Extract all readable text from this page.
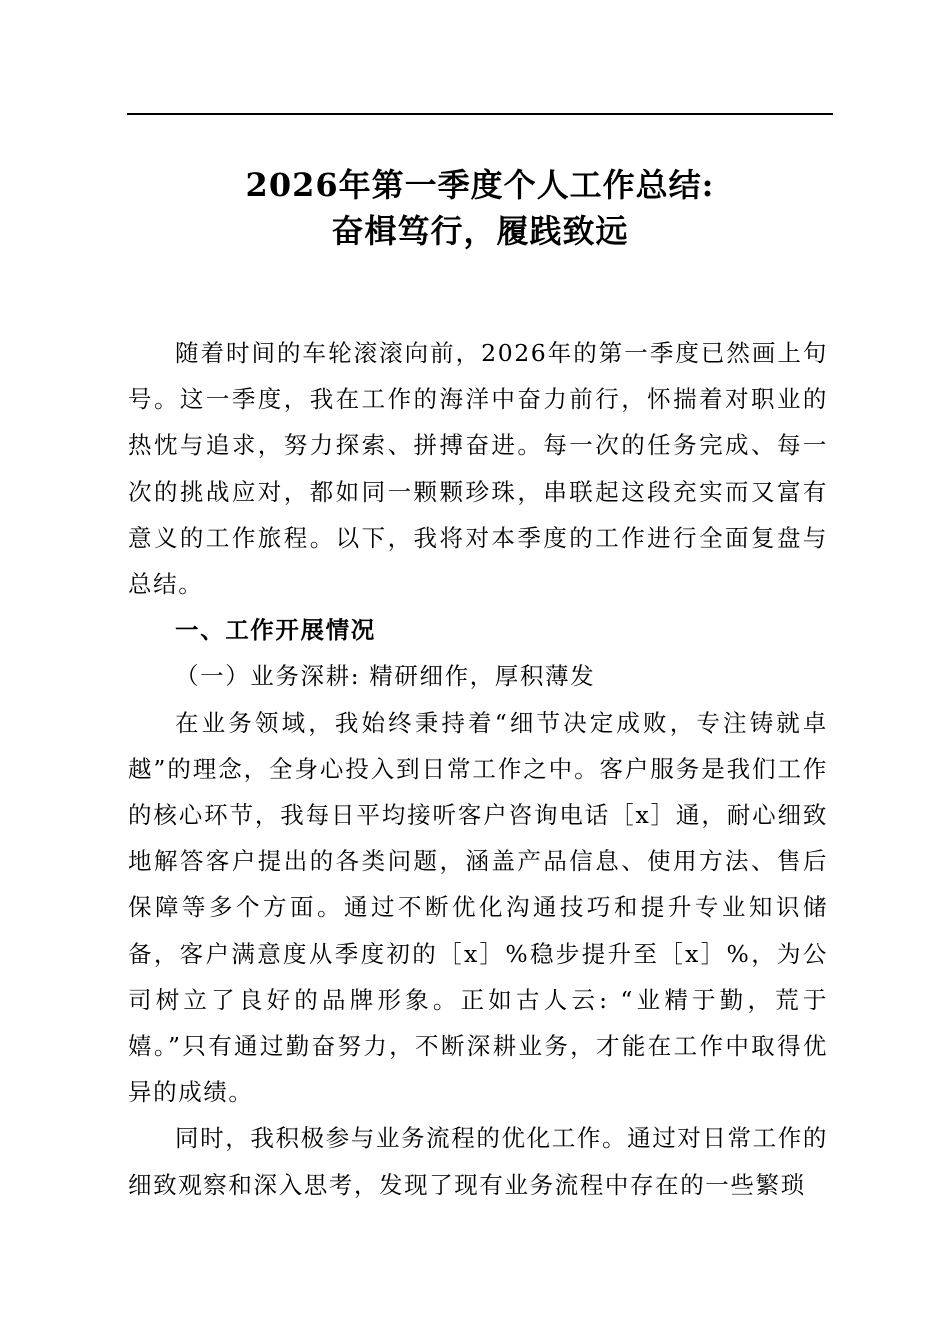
2026年第一季度个人工作总结:
奋楫笃行，履践致远

随着时间的车轮滚滚向前，2026年的第一季度已然画上句号。这一季度，我在工作的海洋中奋力前行，怀揣着对职业的热忱与追求，努力探索、拼搏奋进。每一次的任务完成、每一次的挑战应对，都如同一颗颗珍珠，串联起这段充实而又富有意义的工作旅程。以下，我将对本季度的工作进行全面复盘与总结。

一、工作开展情况
（一）业务深耕: 精研细作，厚积薄发

在业务领域，我始终秉持着“细节决定成败，专注铸就卓越”的理念，全身心投入到日常工作之中。客户服务是我们工作的核心环节，我每日平均接听客户咨询电话［x］通，耐心细致地解答客户提出的各类问题，涵盖产品信息、使用方法、售后保障等多个方面。通过不断优化沟通技巧和提升专业知识储备，客户满意度从季度初的［x］%稳步提升至［x］%，为公司树立了良好的品牌形象。正如古人云: “业精于勤，荒于嬉。”只有通过勤奋努力，不断深耕业务，才能在工作中取得优异的成绩。

同时，我积极参与业务流程的优化工作。通过对日常工作的细致观察和深入思考，发现了现有业务流程中存在的一些繁琐
